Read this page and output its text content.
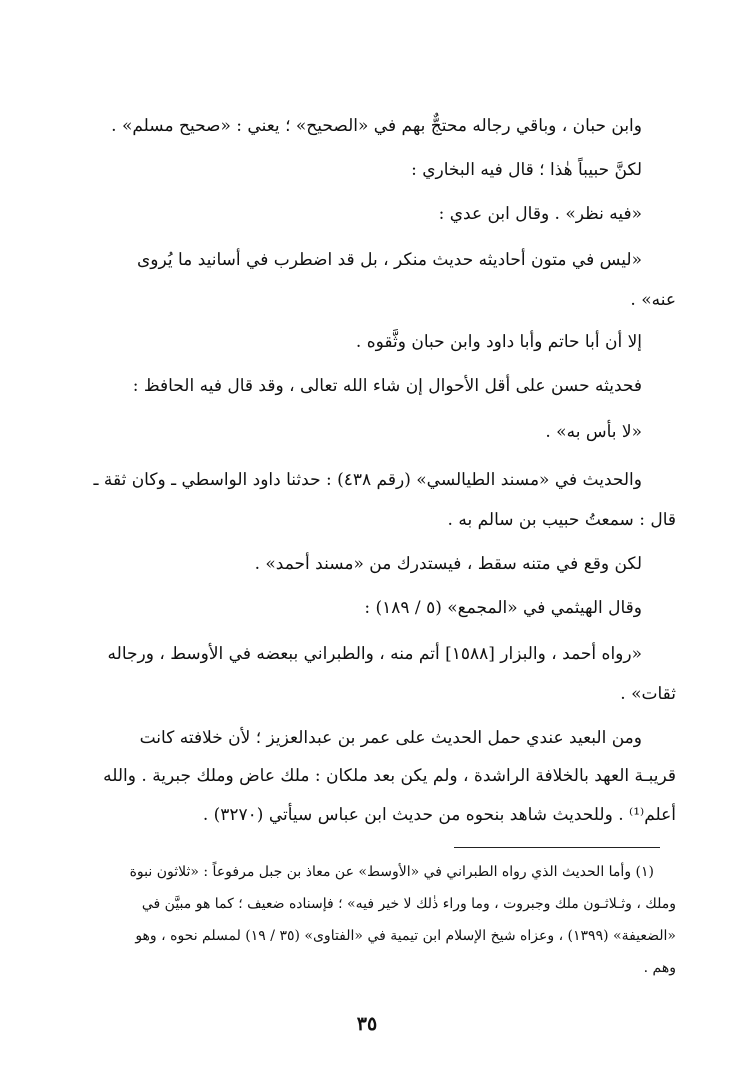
وابن حبان ، وباقي رجاله محتجٌّ بهم في «الصحيح» ؛ يعني : «صحيح مسلم» .
لكنَّ حبيباً هٰذا ؛ قال فيه البخاري :
«فيه نظر» . وقال ابن عدي :
«ليس في متون أحاديثه حديث منكر ، بل قد اضطرب في أسانيد ما يُروى
عنه» .
إلا أن أبا حاتم وأبا داود وابن حبان وثَّقوه .
فحديثه حسن على أقل الأحوال إن شاء الله تعالى ، وقد قال فيه الحافظ :
«لا بأس به» .
والحديث في «مسند الطيالسي» (رقم ٤٣٨) : حدثنا داود الواسطي ـ وكان ثقة ـ
قال : سمعتُ حبيب بن سالم به .
لكن وقع في متنه سقط ، فيستدرك من «مسند أحمد» .
وقال الهيثمي في «المجمع» (٥ / ١٨٩) :
«رواه أحمد ، والبزار [١٥٨٨] أتم منه ، والطبراني ببعضه في الأوسط ، ورجاله
ثقات» .
ومن البعيد عندي حمل الحديث على عمر بن عبدالعزيز ؛ لأن خلافته كانت
قريبـة العهد بالخلافة الراشدة ، ولم يكن بعد ملكان : ملك عاض وملك جبرية . والله
أعلم⁽¹⁾ . وللحديث شاهد بنحوه من حديث ابن عباس سيأتي (٣٢٧٠) .
(١) وأما الحديث الذي رواه الطبراني في «الأوسط» عن معاذ بن جبل مرفوعاً : «ثلاثون نبوة
وملك ، وثـلاثـون ملك وجبروت ، وما وراء ذٰلك لا خير فيه» ؛ فإسناده ضعيف ؛ كما هو مبيَّن في
«الضعيفة» (١٣٩٩) ، وعزاه شيخ الإسلام ابن تيمية في «الفتاوى» (٣٥ / ١٩) لمسلم نحوه ، وهو
وهم .
٣٥
